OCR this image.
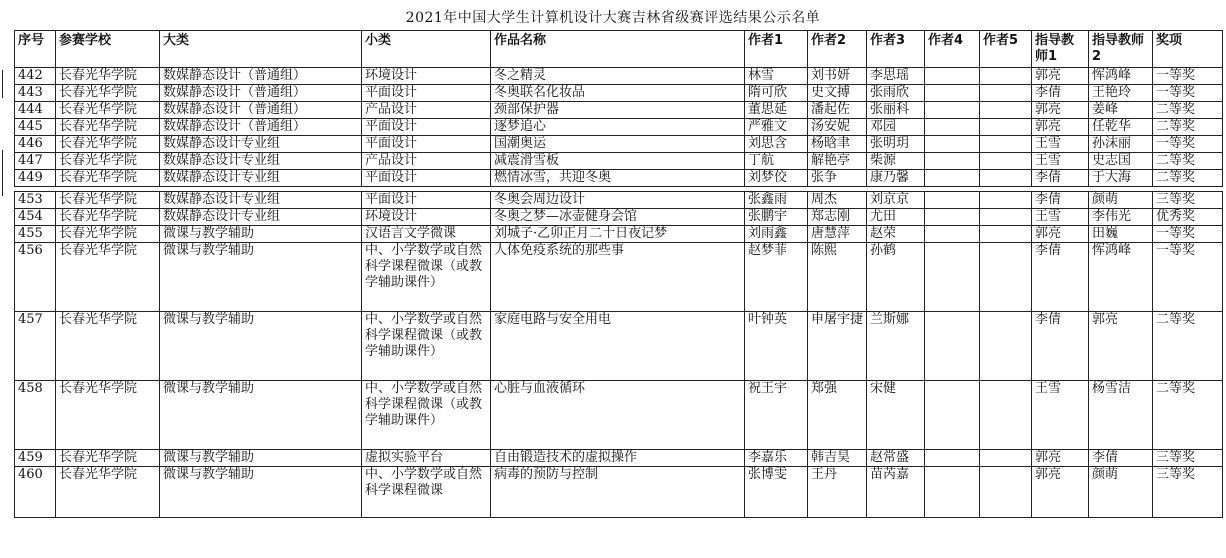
2021年中国大学生计算机设计大赛吉林省级赛评选结果公示名单
序号	参赛学校	大类	小类	作品名称	作者1	作者2	作者3	作者4	作者5	指导教师1	指导教师2	奖项
442	长春光华学院	数媒静态设计（普通组）	环境设计	冬之精灵	林雪	刘书妍	李思瑶			郭亮	恽鸿峰	一等奖
443	长春光华学院	数媒静态设计（普通组）	平面设计	冬奥联名化妆品	隋可欣	史文搏	张雨欣			李倩	王艳玲	一等奖
444	长春光华学院	数媒静态设计（普通组）	产品设计	颈部保护器	董思延	潘起佐	张丽科			郭亮	姜峰	二等奖
445	长春光华学院	数媒静态设计（普通组）	平面设计	逐梦追心	严雅文	汤安妮	邓园			郭亮	任乾华	二等奖
446	长春光华学院	数媒静态设计专业组	平面设计	国潮奥运	刘思含	杨晗聿	张明玥			王雪	孙沫丽	一等奖
447	长春光华学院	数媒静态设计专业组	产品设计	减震滑雪板	丁航	解艳亭	柴源			王雪	史志国	二等奖
449	长春光华学院	数媒静态设计专业组	平面设计	燃情冰雪，共迎冬奥	刘梦佼	张争	康乃馨			李倩	于大海	二等奖

453	长春光华学院	数媒静态设计专业组	平面设计	冬奥会周边设计	张鑫雨	周杰	刘京京			李倩	颜萌	三等奖
454	长春光华学院	数媒静态设计专业组	环境设计	冬奥之梦—冰壶健身会馆	张鹏宇	郑志刚	尤田			王雪	李伟光	优秀奖
455	长春光华学院	微课与教学辅助	汉语言文学微课	刘城子·乙卯正月二十日夜记梦	刘雨鑫	唐慧萍	赵荣			郭亮	田巍	一等奖
456	长春光华学院	微课与教学辅助	中、小学数学或自然科学课程微课（或教学辅助课件）	人体免疫系统的那些事	赵梦菲	陈熙	孙鹤			李倩	恽鸿峰	一等奖
457	长春光华学院	微课与教学辅助	中、小学数学或自然科学课程微课（或教学辅助课件）	家庭电路与安全用电	叶钟英	申屠宇捷	兰斯娜			李倩	郭亮	二等奖
458	长春光华学院	微课与教学辅助	中、小学数学或自然科学课程微课（或教学辅助课件）	心脏与血液循环	祝王宇	郑强	宋健			王雪	杨雪洁	二等奖
459	长春光华学院	微课与教学辅助	虚拟实验平台	自由锻造技术的虚拟操作	李嘉乐	韩吉昊	赵常盛			郭亮	李倩	三等奖
460	长春光华学院	微课与教学辅助	中、小学数学或自然科学课程微课	病毒的预防与控制	张博雯	王丹	苗芮嘉			郭亮	颜萌	三等奖
